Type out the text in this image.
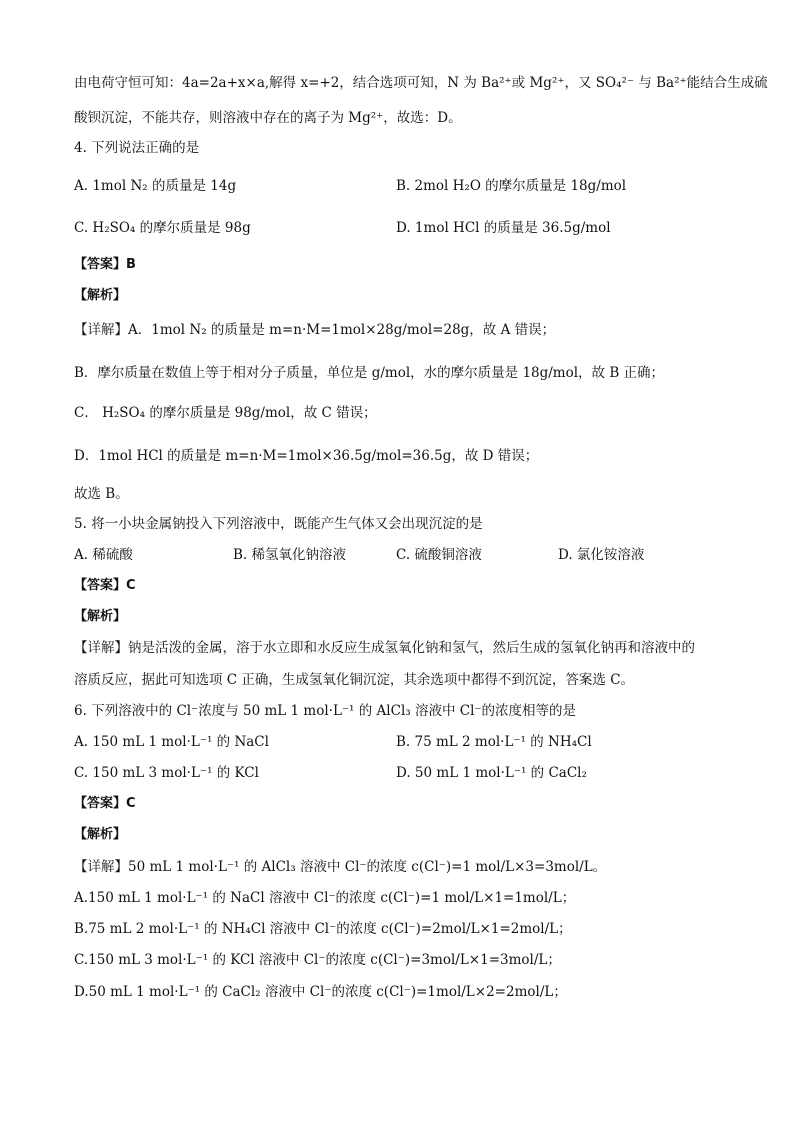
由电荷守恒可知：4a=2a+x×a,解得 x=+2，结合选项可知，N 为 Ba²⁺或 Mg²⁺，又 SO₄²⁻ 与 Ba²⁺能结合生成硫
酸钡沉淀，不能共存，则溶液中存在的离子为 Mg²⁺，故选：D。
4. 下列说法正确的是
A. 1mol N₂ 的质量是 14g	B. 2mol H₂O 的摩尔质量是 18g/mol
C. H₂SO₄ 的摩尔质量是 98g	D. 1mol HCl 的质量是 36.5g/mol
【答案】B
【解析】
【详解】A．1mol N₂ 的质量是 m=n·M=1mol×28g/mol=28g，故 A 错误；
B．摩尔质量在数值上等于相对分子质量，单位是 g/mol，水的摩尔质量是 18g/mol，故 B 正确；
C． H₂SO₄ 的摩尔质量是 98g/mol，故 C 错误；
D．1mol HCl 的质量是 m=n·M=1mol×36.5g/mol=36.5g，故 D 错误；
故选 B。
5. 将一小块金属钠投入下列溶液中，既能产生气体又会出现沉淀的是
A. 稀硫酸	B. 稀氢氧化钠溶液	C. 硫酸铜溶液	D. 氯化铵溶液
【答案】C
【解析】
【详解】钠是活泼的金属，溶于水立即和水反应生成氢氧化钠和氢气，然后生成的氢氧化钠再和溶液中的
溶质反应，据此可知选项 C 正确，生成氢氧化铜沉淀，其余选项中都得不到沉淀，答案选 C。
6. 下列溶液中的 Cl⁻浓度与 50 mL 1 mol·L⁻¹ 的 AlCl₃ 溶液中 Cl⁻的浓度相等的是
A. 150 mL 1 mol·L⁻¹ 的 NaCl	B. 75 mL 2 mol·L⁻¹ 的 NH₄Cl
C. 150 mL 3 mol·L⁻¹ 的 KCl	D. 50 mL 1 mol·L⁻¹ 的 CaCl₂
【答案】C
【解析】
【详解】50 mL 1 mol·L⁻¹ 的 AlCl₃ 溶液中 Cl⁻的浓度 c(Cl⁻)=1 mol/L×3=3mol/L。
A.150 mL 1 mol·L⁻¹ 的 NaCl 溶液中 Cl⁻的浓度 c(Cl⁻)=1 mol/L×1=1mol/L；
B.75 mL 2 mol·L⁻¹ 的 NH₄Cl 溶液中 Cl⁻的浓度 c(Cl⁻)=2mol/L×1=2mol/L；
C.150 mL 3 mol·L⁻¹ 的 KCl 溶液中 Cl⁻的浓度 c(Cl⁻)=3mol/L×1=3mol/L；
D.50 mL 1 mol·L⁻¹ 的 CaCl₂ 溶液中 Cl⁻的浓度 c(Cl⁻)=1mol/L×2=2mol/L；
